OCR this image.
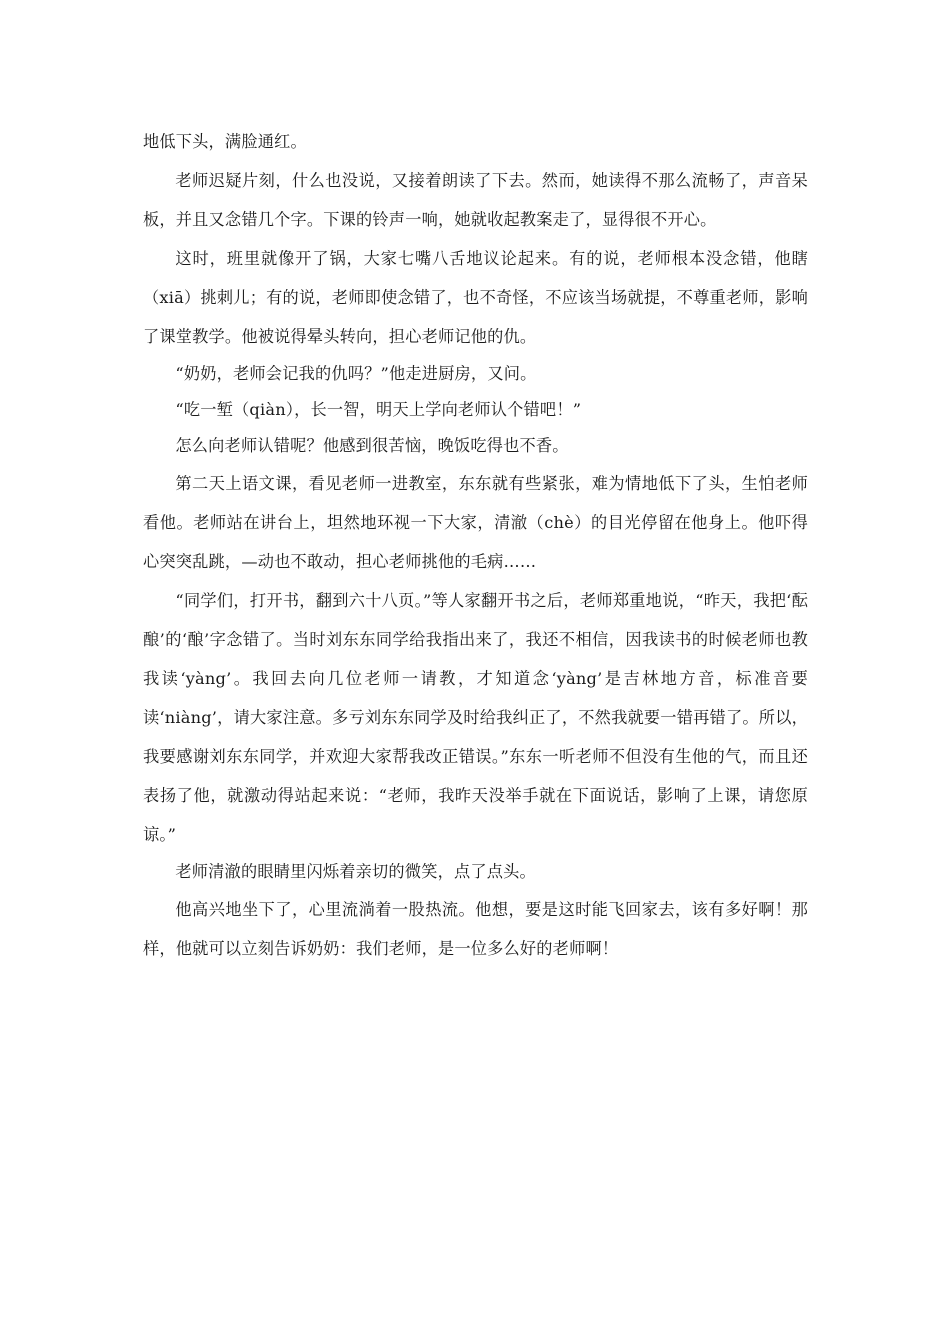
地低下头，满脸通红。

老师迟疑片刻，什么也没说，又接着朗读了下去。然而，她读得不那么流畅了，声音呆板，并且又念错几个字。下课的铃声一响，她就收起教案走了，显得很不开心。

这时，班里就像开了锅，大家七嘴八舌地议论起来。有的说，老师根本没念错，他瞎（xiā）挑刺儿；有的说，老师即使念错了，也不奇怪，不应该当场就提，不尊重老师，影响了课堂教学。他被说得晕头转向，担心老师记他的仇。

“奶奶，老师会记我的仇吗？”他走进厨房，又问。

“吃一堑（qiàn），长一智，明天上学向老师认个错吧！”

怎么向老师认错呢？他感到很苦恼，晚饭吃得也不香。

第二天上语文课，看见老师一进教室，东东就有些紧张，难为情地低下了头，生怕老师看他。老师站在讲台上，坦然地环视一下大家，清澈（chè）的目光停留在他身上。他吓得心突突乱跳，—动也不敢动，担心老师挑他的毛病……

“同学们，打开书，翻到六十八页。”等人家翻开书之后，老师郑重地说，“昨天，我把‘酝酿’的‘酿’字念错了。当时刘东东同学给我指出来了，我还不相信，因我读书的时候老师也教我读‘yàng’。我回去向几位老师一请教，才知道念‘yàng’是吉林地方音，标准音要读‘niàng’，请大家注意。多亏刘东东同学及时给我纠正了，不然我就要一错再错了。所以，我要感谢刘东东同学，并欢迎大家帮我改正错误。”东东一听老师不但没有生他的气，而且还表扬了他，就激动得站起来说：“老师，我昨天没举手就在下面说话，影响了上课，请您原谅。”

老师清澈的眼睛里闪烁着亲切的微笑，点了点头。

他高兴地坐下了，心里流淌着一股热流。他想，要是这时能飞回家去，该有多好啊！那样，他就可以立刻告诉奶奶：我们老师，是一位多么好的老师啊！
